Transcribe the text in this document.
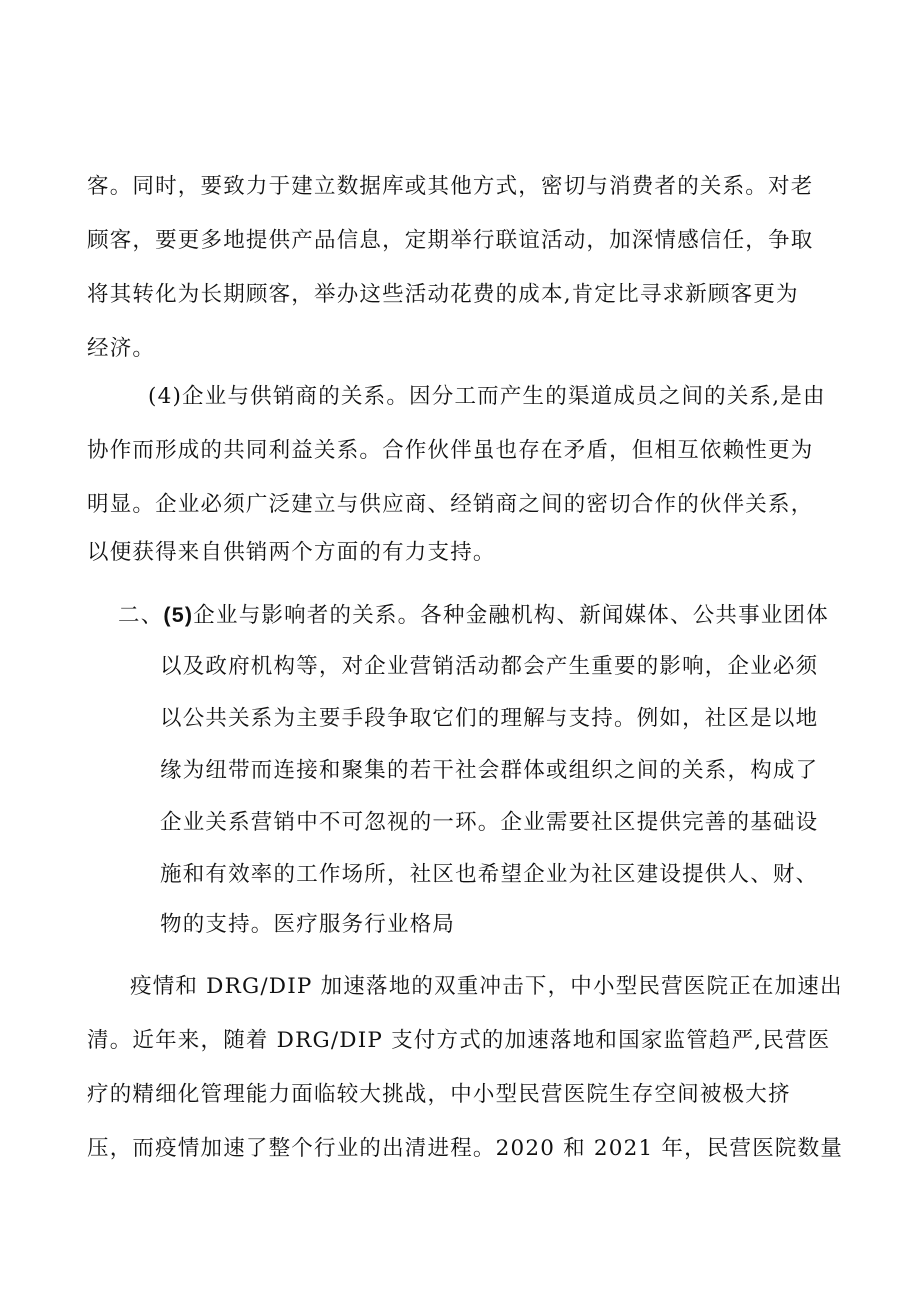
客。同时，要致力于建立数据库或其他方式，密切与消费者的关系。对老
顾客，要更多地提供产品信息，定期举行联谊活动，加深情感信任，争取
将其转化为长期顾客，举办这些活动花费的成本,肯定比寻求新顾客更为
经济。
(4)企业与供销商的关系。因分工而产生的渠道成员之间的关系,是由
协作而形成的共同利益关系。合作伙伴虽也存在矛盾，但相互依赖性更为
明显。企业必须广泛建立与供应商、经销商之间的密切合作的伙伴关系，
以便获得来自供销两个方面的有力支持。
二、(5)企业与影响者的关系。各种金融机构、新闻媒体、公共事业团体
以及政府机构等，对企业营销活动都会产生重要的影响，企业必须
以公共关系为主要手段争取它们的理解与支持。例如，社区是以地
缘为纽带而连接和聚集的若干社会群体或组织之间的关系，构成了
企业关系营销中不可忽视的一环。企业需要社区提供完善的基础设
施和有效率的工作场所，社区也希望企业为社区建设提供人、财、
物的支持。医疗服务行业格局
疫情和 DRG/DIP 加速落地的双重冲击下，中小型民营医院正在加速出
清。近年来，随着 DRG/DIP 支付方式的加速落地和国家监管趋严,民营医
疗的精细化管理能力面临较大挑战，中小型民营医院生存空间被极大挤
压，而疫情加速了整个行业的出清进程。2020 和 2021 年，民营医院数量
